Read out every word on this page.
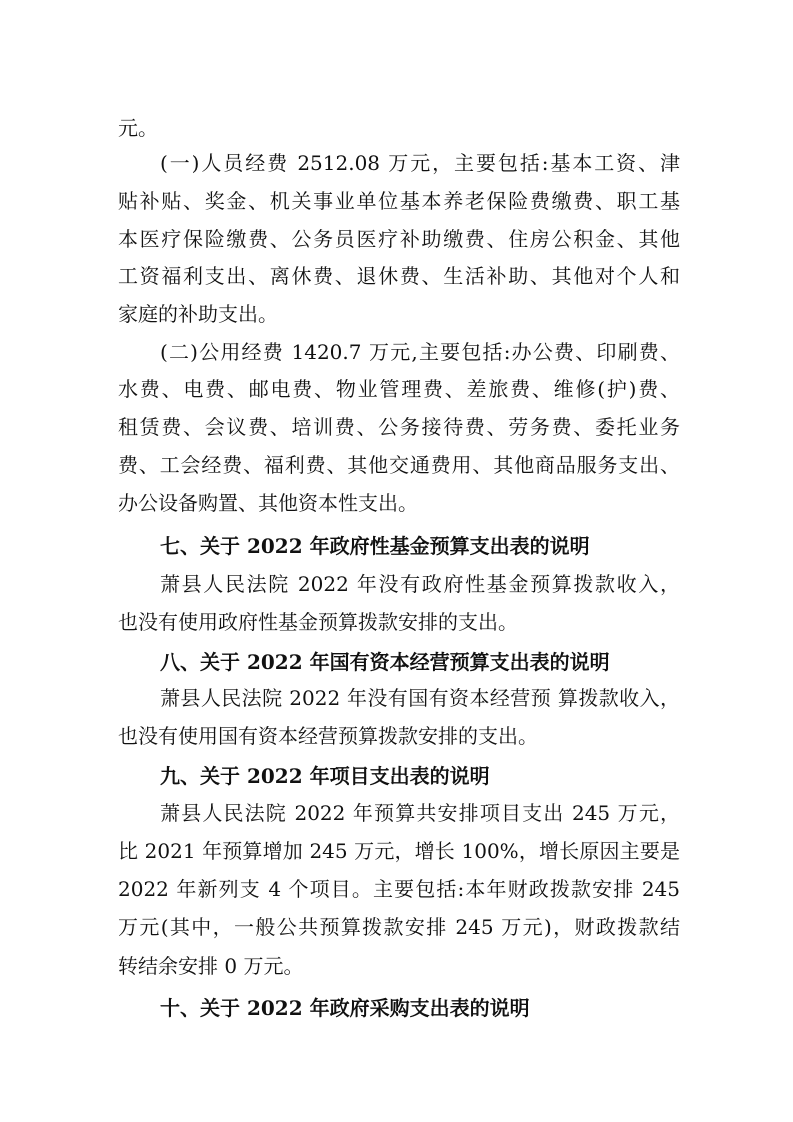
元。
(一)人员经费 2512.08 万元，主要包括:基本工资、津
贴补贴、奖金、机关事业单位基本养老保险费缴费、职工基
本医疗保险缴费、公务员医疗补助缴费、住房公积金、其他
工资福利支出、离休费、退休费、生活补助、其他对个人和
家庭的补助支出。
(二)公用经费 1420.7 万元,主要包括:办公费、印刷费、
水费、电费、邮电费、物业管理费、差旅费、维修(护)费、
租赁费、会议费、培训费、公务接待费、劳务费、委托业务
费、工会经费、福利费、其他交通费用、其他商品服务支出、
办公设备购置、其他资本性支出。
七、关于 2022 年政府性基金预算支出表的说明
萧县人民法院 2022 年没有政府性基金预算拨款收入，
也没有使用政府性基金预算拨款安排的支出。
八、关于 2022 年国有资本经营预算支出表的说明
萧县人民法院 2022 年没有国有资本经营预 算拨款收入，
也没有使用国有资本经营预算拨款安排的支出。
九、关于 2022 年项目支出表的说明
萧县人民法院 2022 年预算共安排项目支出 245 万元，
比 2021 年预算增加 245 万元，增长 100%，增长原因主要是
2022 年新列支 4 个项目。主要包括:本年财政拨款安排 245
万元(其中，一般公共预算拨款安排 245 万元)，财政拨款结
转结余安排 0 万元。
十、关于 2022 年政府采购支出表的说明
